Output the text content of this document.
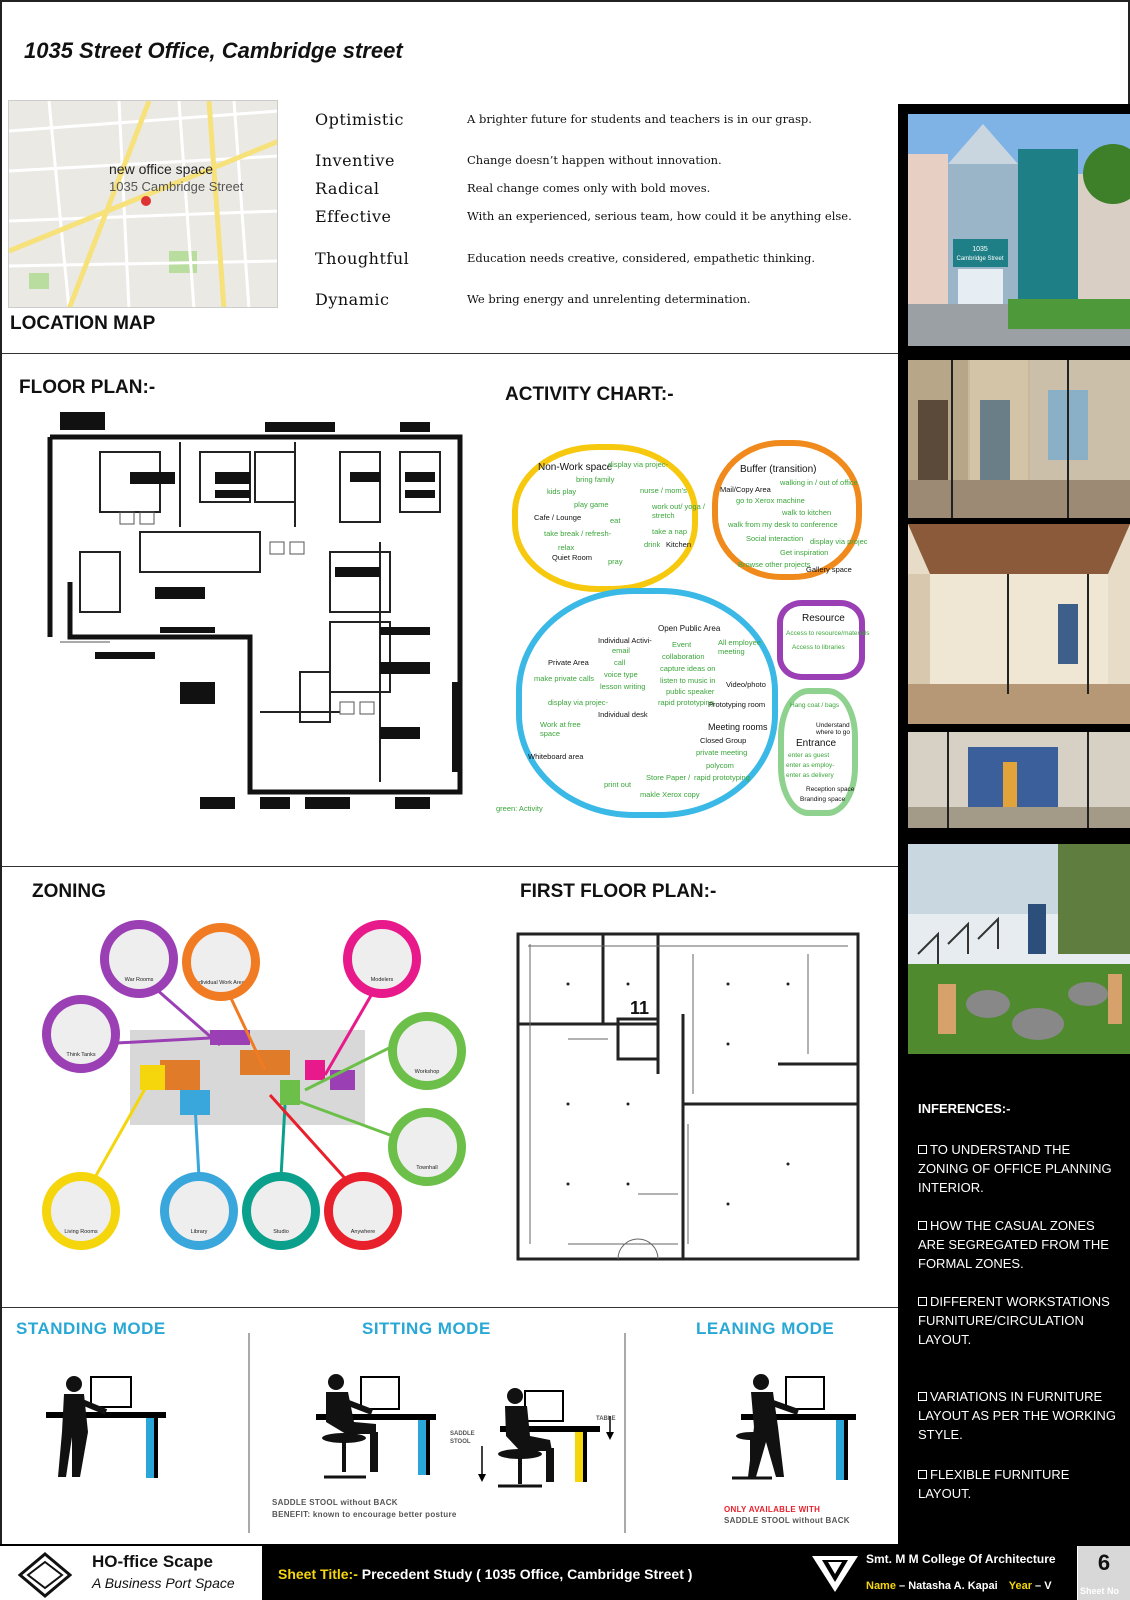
1035 Street Office, Cambridge street
new office space
1035 Cambridge Street
LOCATION MAP
Optimistic	A brighter future for students and teachers is in our grasp.
Inventive	Change doesn’t happen without innovation.
Radical	Real change comes only with bold moves.
Effective	With an experienced, serious team, how could it be anything else.
Thoughtful	Education needs creative, considered, empathetic thinking.
Dynamic	We bring energy and unrelenting determination.
1035
Cambridge Street
FLOOR PLAN:-	ACTIVITY CHART:-
Non-Work space
display via projec-
bring family
kids play	nurse / mom's
play game
Cafe / Lounge
work out/ yoga / stretch
eat
take break / refresh-	take a nap
relax	drink Kitchen
Quiet Room pray
Buffer (transition)
walking in / out of office
Mail/Copy Area
go to Xerox machine
walk to kitchen
walk from my desk to conference
Social interaction display via projec
Get inspiration
Browse other projects
Gallery space
Resource
Access to resource/materials
Access to libraries
Open Public Area
Individual Activi-
email
Event	All employee meeting
Private Area	call
collaboration
make private calls voice type
capture ideas on
lesson writing
listen to music in
public speaker
Video/photo
display via projec-	rapid prototyping
Prototyping room
Individual desk
Work at free space
Meeting rooms
Closed Group
Whiteboard area	private meeting
polycom
print out
Store Paper / rapid prototyping
makle Xerox copy
Hang coat / bags
Understand where to go
Entrance
enter as guest
enter as employ-
enter as delivery
Reception space
Branding space
green: Activity
ZONING
War Rooms	Individual Work Areas	Modelers
Think Tanks
Workshop
Townhall
Living Rooms	Library	Studio	Anywhere
FIRST FLOOR PLAN:-
11
STANDING MODE	SITTING MODE	LEANING MODE
SADDLE STOOL
TABLE
SADDLE STOOL without BACK
BENEFIT: known to encourage better posture
ONLY AVAILABLE WITH
SADDLE STOOL without BACK
INFERENCES:-
TO UNDERSTAND THE ZONING OF OFFICE PLANNING INTERIOR.
HOW THE CASUAL ZONES ARE SEGREGATED FROM THE FORMAL ZONES.
DIFFERENT WORKSTATIONS FURNITURE/CIRCULATION LAYOUT.
VARIATIONS IN FURNITURE LAYOUT AS PER THE WORKING STYLE.
FLEXIBLE FURNITURE LAYOUT.
HO-ffice Scape
A Business Port Space
Sheet Title:- Precedent Study ( 1035 Office, Cambridge Street )
Smt. M M College Of Architecture
Name – Natasha A. Kapai Year – V
6
Sheet No
